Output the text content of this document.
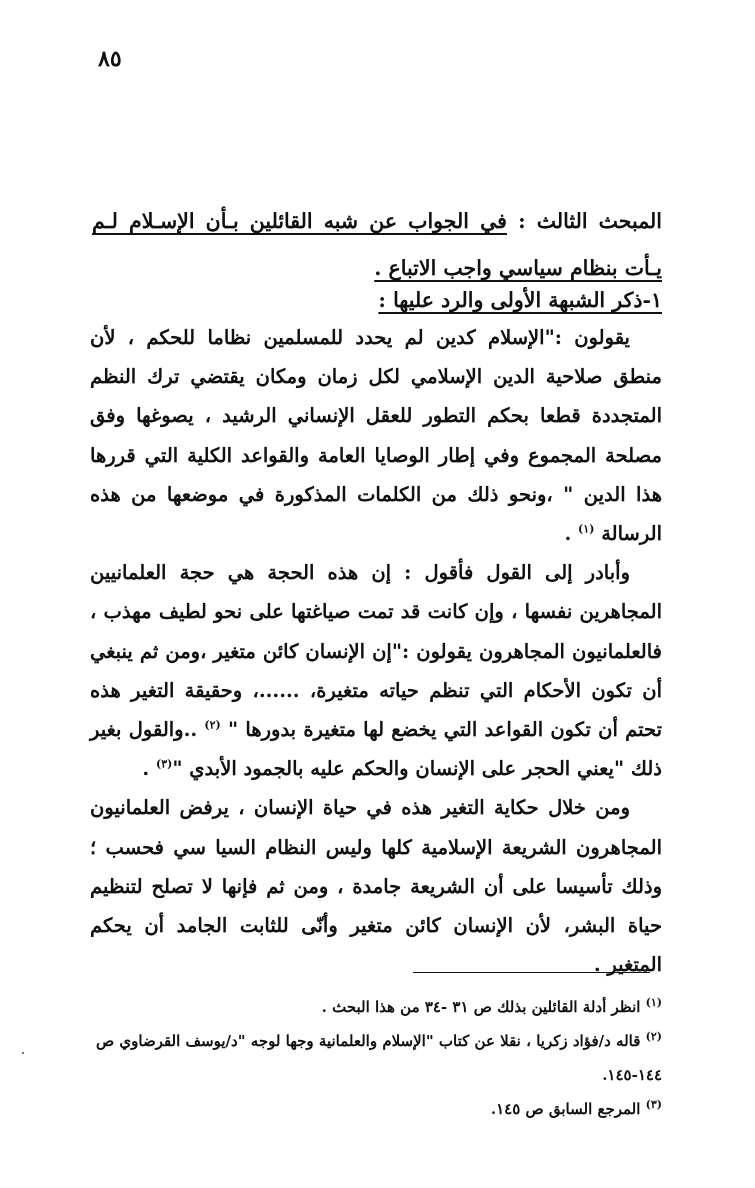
٨٥
المبحث الثالث : في الجواب عن شبه القائلين بـأن الإسـلام لـم يـأت بنظام سياسي واجب الاتباع .
١-ذكر الشبهة الأولى والرد عليها :

يقولون :"الإسلام كدين لم يحدد للمسلمين نظاما للحكم ، لأن منطق صلاحية الدين الإسلامي لكل زمان ومكان يقتضي ترك النظم المتجددة قطعا بحكم التطور للعقل الإنساني الرشيد ، يصوغها وفق مصلحة المجموع وفي إطار الوصايا العامة والقواعد الكلية التي قررها هذا الدين " ،ونحو ذلك من الكلمات المذكورة في موضعها من هذه الرسالة $^{(١)}$ .

وأبادر إلى القول فأقول : إن هذه الحجة هي حجة العلمانيين المجاهرين نفسها ، وإن كانت قد تمت صياغتها على نحو لطيف مهذب ، فالعلمانيون المجاهرون يقولون :"إن الإنسان كائن متغير ،ومن ثم ينبغي أن تكون الأحكام التي تنظم حياته متغيرة، ......، وحقيقة التغير هذه تحتم أن تكون القواعد التي يخضع لها متغيرة بدورها " $^{(٢)}$ ..والقول بغير ذلك "يعني الحجر على الإنسان والحكم عليه بالجمود الأبدي "$^{(٣)}$ .

ومن خلال حكاية التغير هذه في حياة الإنسان ، يرفض العلمانيون المجاهرون الشريعة الإسلامية كلها وليس النظام السيا سي فحسب ؛ وذلك تأسيسا على أن الشريعة جامدة ، ومن ثم فإنها لا تصلح لتنظيم حياة البشر، لأن الإنسان كائن متغير وأنّى للثابت الجامد أن يحكم المتغير .

$^{(١)}$ انظر أدلة القائلين بذلك ص ٣١ -٣٤ من هذا البحث .

$^{(٢)}$ قاله د/فؤاد زكريا ، نقلا عن كتاب "الإسلام والعلمانية وجها لوجه "د/يوسف القرضاوي ص ١٤٤-١٤٥.

$^{(٣)}$ المرجع السابق ص ١٤٥.
